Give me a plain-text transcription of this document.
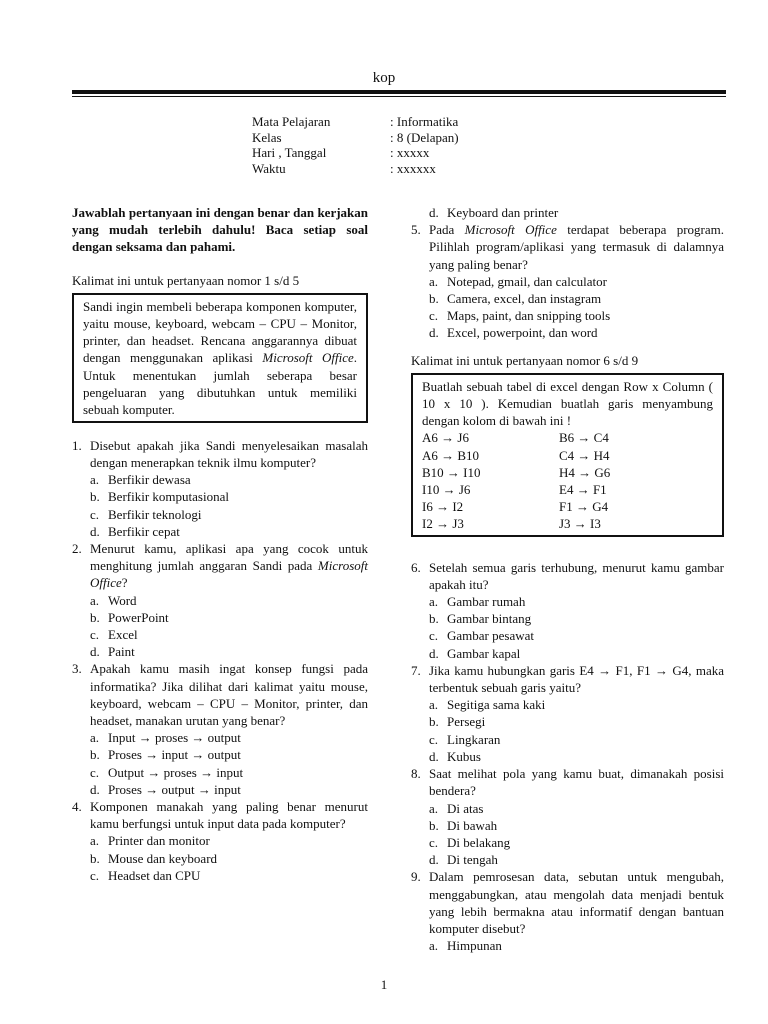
kop
Mata Pelajaran	: Informatika
Kelas	: 8 (Delapan)
Hari , Tanggal	: xxxxx
Waktu	: xxxxxx

Jawablah pertanyaan ini dengan benar dan kerjakan yang mudah terlebih dahulu! Baca setiap soal dengan seksama dan pahami.

Kalimat ini untuk pertanyaan nomor 1 s/d 5

Sandi ingin membeli beberapa komponen komputer, yaitu mouse, keyboard, webcam – CPU – Monitor, printer, dan headset. Rencana anggarannya dibuat dengan menggunakan aplikasi Microsoft Office. Untuk menentukan jumlah seberapa besar pengeluaran yang dibutuhkan untuk memiliki sebuah komputer.
1. Disebut apakah jika Sandi menyelesaikan masalah dengan menerapkan teknik ilmu komputer?
a. Berfikir dewasa
b. Berfikir komputasional
c. Berfikir teknologi
d. Berfikir cepat
2. Menurut kamu, aplikasi apa yang cocok untuk menghitung jumlah anggaran Sandi pada Microsoft Office?
a. Word
b. PowerPoint
c. Excel
d. Paint
3. Apakah kamu masih ingat konsep fungsi pada informatika? Jika dilihat dari kalimat yaitu mouse, keyboard, webcam – CPU – Monitor, printer, dan headset, manakan urutan yang benar?
a. Input → proses → output
b. Proses → input → output
c. Output → proses → input
d. Proses → output → input
4. Komponen manakah yang paling benar menurut kamu berfungsi untuk input data pada komputer?
a. Printer dan monitor
b. Mouse dan keyboard
c. Headset dan CPU
d. Keyboard dan printer
5. Pada Microsoft Office terdapat beberapa program. Pilihlah program/aplikasi yang termasuk di dalamnya yang paling benar?
a. Notepad, gmail, dan calculator
b. Camera, excel, dan instagram
c. Maps, paint, dan snipping tools
d. Excel, powerpoint, dan word

Kalimat ini untuk pertanyaan nomor 6 s/d 9

Buatlah sebuah tabel di excel dengan Row x Column ( 10 x 10 ). Kemudian buatlah garis menyambung dengan kolom di bawah ini !

A6 → J6	B6 → C4
A6 → B10	C4 → H4
B10 → I10	H4 → G6
I10 → J6	E4 → F1
I6 → I2	F1 → G4
I2 → J3	J3 → I3
6. Setelah semua garis terhubung, menurut kamu gambar apakah itu?
a. Gambar rumah
b. Gambar bintang
c. Gambar pesawat
d. Gambar kapal
7. Jika kamu hubungkan garis E4 → F1, F1 → G4, maka terbentuk sebuah garis yaitu?
a. Segitiga sama kaki
b. Persegi
c. Lingkaran
d. Kubus
8. Saat melihat pola yang kamu buat, dimanakah posisi bendera?
a. Di atas
b. Di bawah
c. Di belakang
d. Di tengah
9. Dalam pemrosesan data, sebutan untuk mengubah, menggabungkan, atau mengolah data menjadi bentuk yang lebih bermakna atau informatif dengan bantuan komputer disebut?
a. Himpunan
1
